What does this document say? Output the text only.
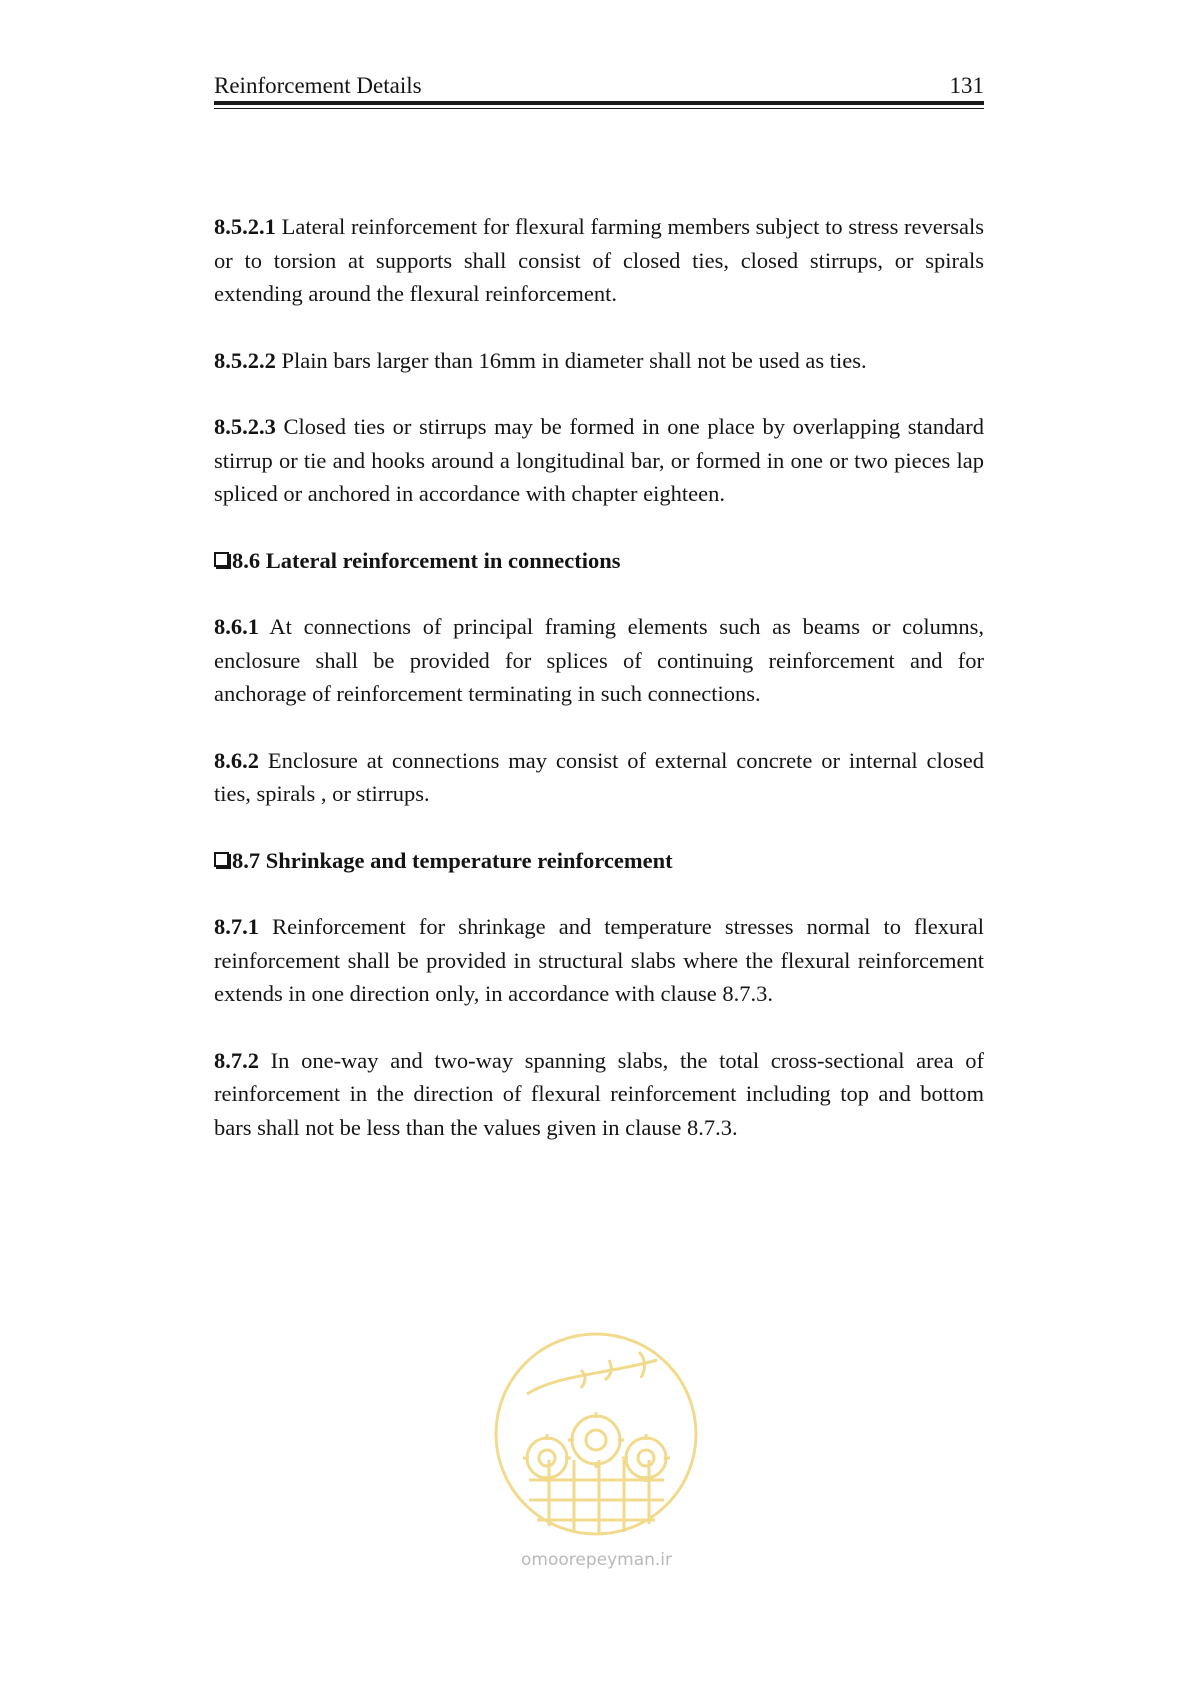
Reinforcement Details	131

8.5.2.1 Lateral reinforcement for flexural farming members subject to stress reversals or to torsion at supports shall consist of closed ties, closed stirrups, or spirals extending around the flexural reinforcement.

8.5.2.2 Plain bars larger than 16mm in diameter shall not be used as ties.

8.5.2.3 Closed ties or stirrups may be formed in one place by overlapping standard stirrup or tie and hooks around a longitudinal bar, or formed in one or two pieces lap spliced or anchored in accordance with chapter eighteen.

8.6 Lateral reinforcement in connections

8.6.1 At connections of principal framing elements such as beams or columns, enclosure shall be provided for splices of continuing reinforcement and for anchorage of reinforcement terminating in such connections.

8.6.2 Enclosure at connections may consist of external concrete or internal closed ties, spirals , or stirrups.

8.7 Shrinkage and temperature reinforcement

8.7.1 Reinforcement for shrinkage and temperature stresses normal to flexural reinforcement shall be provided in structural slabs where the flexural reinforcement extends in one direction only, in accordance with clause 8.7.3.

8.7.2 In one-way and two-way spanning slabs, the total cross-sectional area of reinforcement in the direction of flexural reinforcement including top and bottom bars shall not be less than the values given in clause 8.7.3.

omoorepeyman.ir
